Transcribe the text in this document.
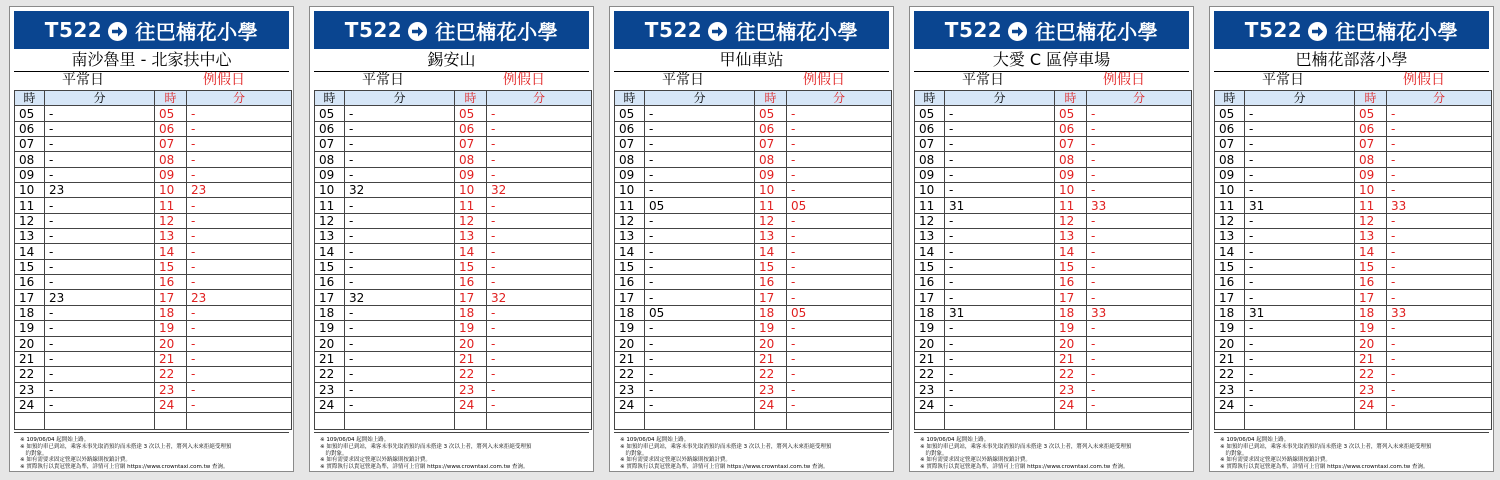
T522 往巴楠花小學
南沙魯里 - 北家扶中心
平常日	例假日
時	分	時	分
05	-	05	-
06	-	06	-
07	-	07	-
08	-	08	-
09	-	09	-
10	23	10	23
11	-	11	-
12	-	12	-
13	-	13	-
14	-	14	-
15	-	15	-
16	-	16	-
17	23	17	23
18	-	18	-
19	-	19	-
20	-	20	-
21	-	21	-
22	-	22	-
23	-	23	-
24	-	24	-

※ 109/06/04 起開始上路。
※ 如預約車已到站，乘客未事先取消預約而未搭達 3 次以上者，將列入未來拒絕受理預
　約對象。
※ 如有需要求固定營運以外路線則按鎮計費。
※ 實際執行以貴冠營運為準，詳情可上官網 https://www.crowntaxi.com.tw 查詢。
T522 往巴楠花小學
錫安山
平常日	例假日
時	分	時	分
05	-	05	-
06	-	06	-
07	-	07	-
08	-	08	-
09	-	09	-
10	32	10	32
11	-	11	-
12	-	12	-
13	-	13	-
14	-	14	-
15	-	15	-
16	-	16	-
17	32	17	32
18	-	18	-
19	-	19	-
20	-	20	-
21	-	21	-
22	-	22	-
23	-	23	-
24	-	24	-

※ 109/06/04 起開始上路。
※ 如預約車已到站，乘客未事先取消預約而未搭達 3 次以上者，將列入未來拒絕受理預
　約對象。
※ 如有需要求固定營運以外路線則按鎮計費。
※ 實際執行以貴冠營運為準，詳情可上官網 https://www.crowntaxi.com.tw 查詢。
T522 往巴楠花小學
甲仙車站
平常日	例假日
時	分	時	分
05	-	05	-
06	-	06	-
07	-	07	-
08	-	08	-
09	-	09	-
10	-	10	-
11	05	11	05
12	-	12	-
13	-	13	-
14	-	14	-
15	-	15	-
16	-	16	-
17	-	17	-
18	05	18	05
19	-	19	-
20	-	20	-
21	-	21	-
22	-	22	-
23	-	23	-
24	-	24	-

※ 109/06/04 起開始上路。
※ 如預約車已到站，乘客未事先取消預約而未搭達 3 次以上者，將列入未來拒絕受理預
　約對象。
※ 如有需要求固定營運以外路線則按鎮計費。
※ 實際執行以貴冠營運為準，詳情可上官網 https://www.crowntaxi.com.tw 查詢。
T522 往巴楠花小學
大愛 C 區停車場
平常日	例假日
時	分	時	分
05	-	05	-
06	-	06	-
07	-	07	-
08	-	08	-
09	-	09	-
10	-	10	-
11	31	11	33
12	-	12	-
13	-	13	-
14	-	14	-
15	-	15	-
16	-	16	-
17	-	17	-
18	31	18	33
19	-	19	-
20	-	20	-
21	-	21	-
22	-	22	-
23	-	23	-
24	-	24	-

※ 109/06/04 起開始上路。
※ 如預約車已到站，乘客未事先取消預約而未搭達 3 次以上者，將列入未來拒絕受理預
　約對象。
※ 如有需要求固定營運以外路線則按鎮計費。
※ 實際執行以貴冠營運為準，詳情可上官網 https://www.crowntaxi.com.tw 查詢。
T522 往巴楠花小學
巴楠花部落小學
平常日	例假日
時	分	時	分
05	-	05	-
06	-	06	-
07	-	07	-
08	-	08	-
09	-	09	-
10	-	10	-
11	31	11	33
12	-	12	-
13	-	13	-
14	-	14	-
15	-	15	-
16	-	16	-
17	-	17	-
18	31	18	33
19	-	19	-
20	-	20	-
21	-	21	-
22	-	22	-
23	-	23	-
24	-	24	-

※ 109/06/04 起開始上路。
※ 如預約車已到站，乘客未事先取消預約而未搭達 3 次以上者，將列入未來拒絕受理預
　約對象。
※ 如有需要求固定營運以外路線則按鎮計費。
※ 實際執行以貴冠營運為準，詳情可上官網 https://www.crowntaxi.com.tw 查詢。
